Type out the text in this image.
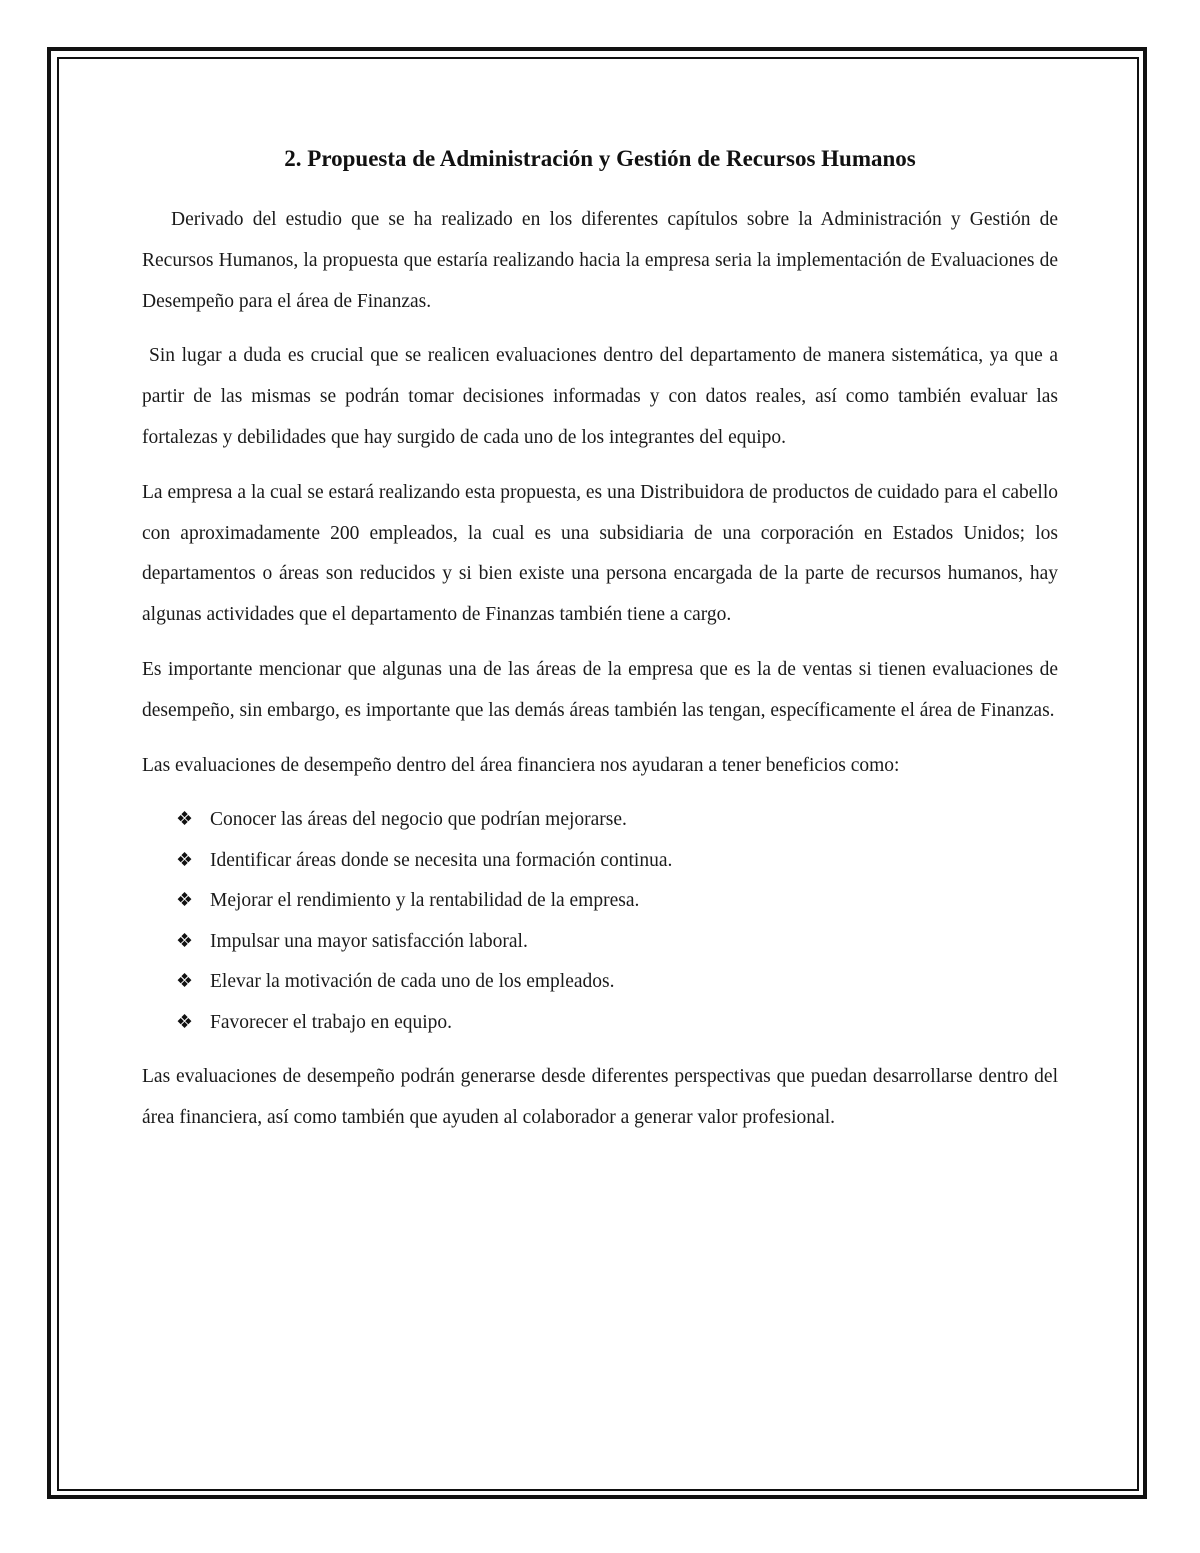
2. Propuesta de Administración y Gestión de Recursos Humanos

Derivado del estudio que se ha realizado en los diferentes capítulos sobre la Administración y Gestión de Recursos Humanos, la propuesta que estaría realizando hacia la empresa seria la implementación de Evaluaciones de Desempeño para el área de Finanzas.

Sin lugar a duda es crucial que se realicen evaluaciones dentro del departamento de manera sistemática, ya que a partir de las mismas se podrán tomar decisiones informadas y con datos reales, así como también evaluar las fortalezas y debilidades que hay surgido de cada uno de los integrantes del equipo.

La empresa a la cual se estará realizando esta propuesta, es una Distribuidora de productos de cuidado para el cabello con aproximadamente 200 empleados, la cual es una subsidiaria de una corporación en Estados Unidos; los departamentos o áreas son reducidos y si bien existe una persona encargada de la parte de recursos humanos, hay algunas actividades que el departamento de Finanzas también tiene a cargo.

Es importante mencionar que algunas una de las áreas de la empresa que es la de ventas si tienen evaluaciones de desempeño, sin embargo, es importante que las demás áreas también las tengan, específicamente el área de Finanzas.

Las evaluaciones de desempeño dentro del área financiera nos ayudaran a tener beneficios como:

❖ Conocer las áreas del negocio que podrían mejorarse.
❖ Identificar áreas donde se necesita una formación continua.
❖ Mejorar el rendimiento y la rentabilidad de la empresa.
❖ Impulsar una mayor satisfacción laboral.
❖ Elevar la motivación de cada uno de los empleados.
❖ Favorecer el trabajo en equipo.

Las evaluaciones de desempeño podrán generarse desde diferentes perspectivas que puedan desarrollarse dentro del área financiera, así como también que ayuden al colaborador a generar valor profesional.
